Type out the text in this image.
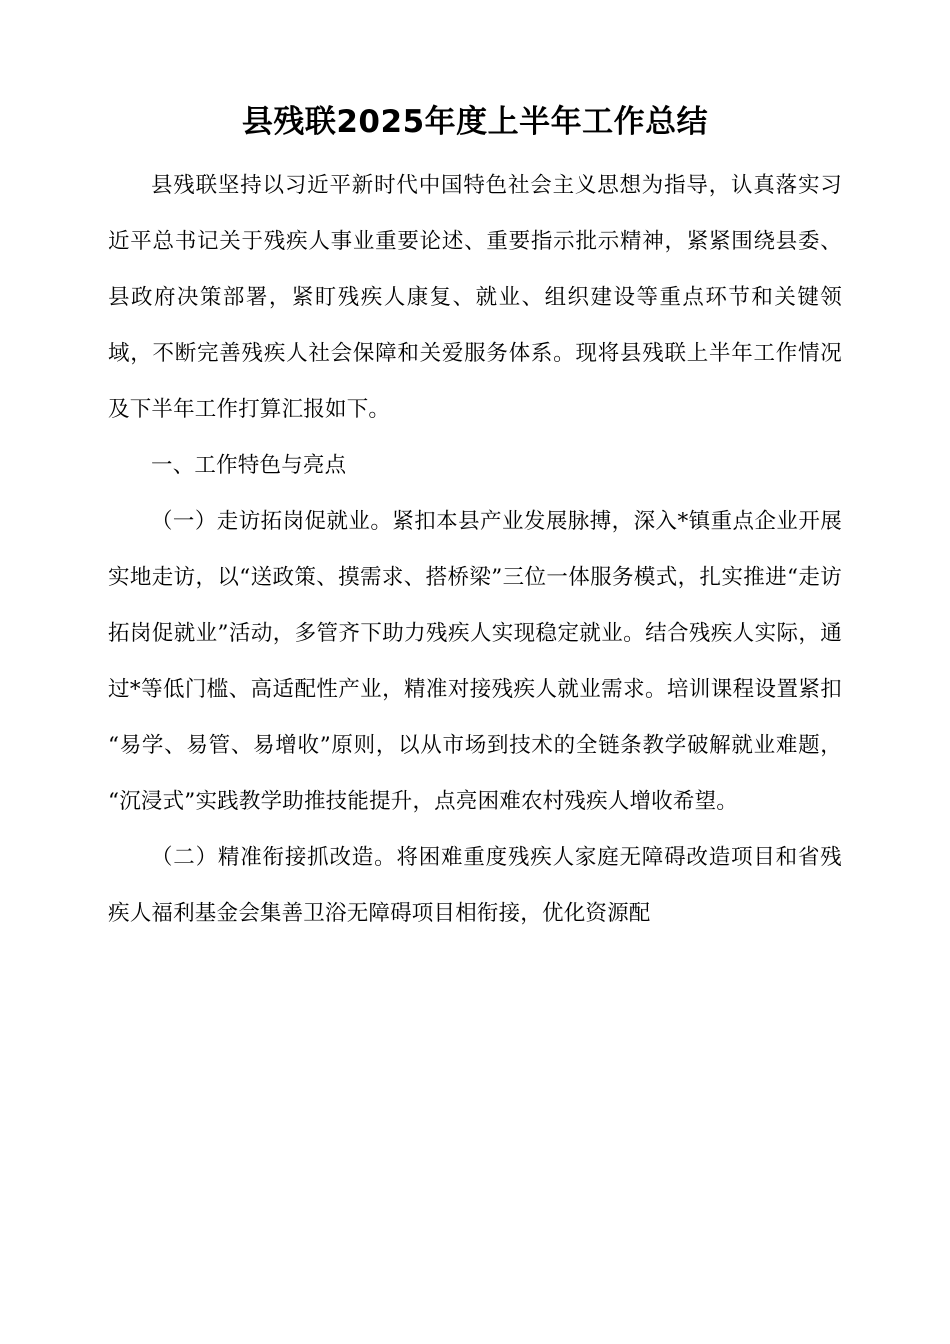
县残联2025年度上半年工作总结

县残联坚持以习近平新时代中国特色社会主义思想为指导，认真落实习近平总书记关于残疾人事业重要论述、重要指示批示精神，紧紧围绕县委、县政府决策部署，紧盯残疾人康复、就业、组织建设等重点环节和关键领域，不断完善残疾人社会保障和关爱服务体系。现将县残联上半年工作情况及下半年工作打算汇报如下。

一、工作特色与亮点

（一）走访拓岗促就业。紧扣本县产业发展脉搏，深入*镇重点企业开展实地走访，以“送政策、摸需求、搭桥梁”三位一体服务模式，扎实推进“走访拓岗促就业”活动，多管齐下助力残疾人实现稳定就业。结合残疾人实际，通过*等低门槛、高适配性产业，精准对接残疾人就业需求。培训课程设置紧扣“易学、易管、易增收”原则，以从市场到技术的全链条教学破解就业难题，“沉浸式”实践教学助推技能提升，点亮困难农村残疾人增收希望。

（二）精准衔接抓改造。将困难重度残疾人家庭无障碍改造项目和省残疾人福利基金会集善卫浴无障碍项目相衔接，优化资源配
